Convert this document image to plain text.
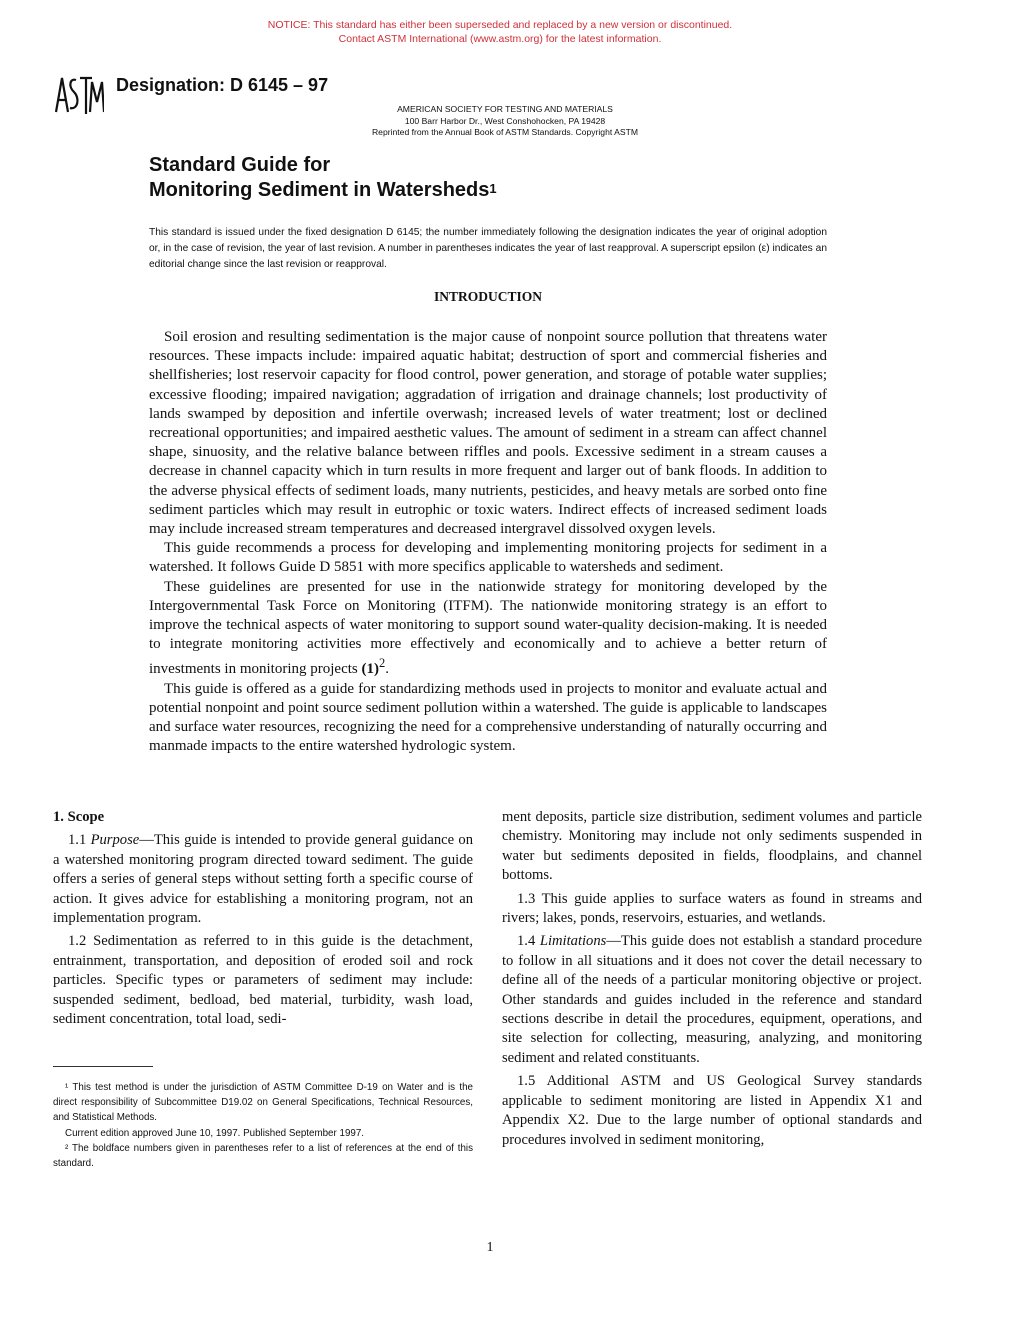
NOTICE: This standard has either been superseded and replaced by a new version or discontinued.
Contact ASTM International (www.astm.org) for the latest information.
Designation: D 6145 – 97
AMERICAN SOCIETY FOR TESTING AND MATERIALS
100 Barr Harbor Dr., West Conshohocken, PA 19428
Reprinted from the Annual Book of ASTM Standards. Copyright ASTM
Standard Guide for
Monitoring Sediment in Watersheds$^1$
This standard is issued under the fixed designation D 6145; the number immediately following the designation indicates the year of original adoption or, in the case of revision, the year of last revision. A number in parentheses indicates the year of last reapproval. A superscript epsilon (ε) indicates an editorial change since the last revision or reapproval.
INTRODUCTION

Soil erosion and resulting sedimentation is the major cause of nonpoint source pollution that threatens water resources. These impacts include: impaired aquatic habitat; destruction of sport and commercial fisheries and shellfisheries; lost reservoir capacity for flood control, power generation, and storage of potable water supplies; excessive flooding; impaired navigation; aggradation of irrigation and drainage channels; lost productivity of lands swamped by deposition and infertile overwash; increased levels of water treatment; lost or declined recreational opportunities; and impaired aesthetic values. The amount of sediment in a stream can affect channel shape, sinuosity, and the relative balance between riffles and pools. Excessive sediment in a stream causes a decrease in channel capacity which in turn results in more frequent and larger out of bank floods. In addition to the adverse physical effects of sediment loads, many nutrients, pesticides, and heavy metals are sorbed onto fine sediment particles which may result in eutrophic or toxic waters. Indirect effects of increased sediment loads may include increased stream temperatures and decreased intergravel dissolved oxygen levels.

This guide recommends a process for developing and implementing monitoring projects for sediment in a watershed. It follows Guide D 5851 with more specifics applicable to watersheds and sediment.

These guidelines are presented for use in the nationwide strategy for monitoring developed by the Intergovernmental Task Force on Monitoring (ITFM). The nationwide monitoring strategy is an effort to improve the technical aspects of water monitoring to support sound water-quality decision-making. It is needed to integrate monitoring activities more effectively and economically and to achieve a better return of investments in monitoring projects $(1)^2$.

This guide is offered as a guide for standardizing methods used in projects to monitor and evaluate actual and potential nonpoint and point source sediment pollution within a watershed. The guide is applicable to landscapes and surface water resources, recognizing the need for a comprehensive understanding of naturally occurring and manmade impacts to the entire watershed hydrologic system.

1. Scope

1.1 Purpose—This guide is intended to provide general guidance on a watershed monitoring program directed toward sediment. The guide offers a series of general steps without setting forth a specific course of action. It gives advice for establishing a monitoring program, not an implementation program.

1.2 Sedimentation as referred to in this guide is the detachment, entrainment, transportation, and deposition of eroded soil and rock particles. Specific types or parameters of sediment may include: suspended sediment, bedload, bed material, turbidity, wash load, sediment concentration, total load, sedi-

¹ This test method is under the jurisdiction of ASTM Committee D-19 on Water and is the direct responsibility of Subcommittee D19.02 on General Specifications, Technical Resources, and Statistical Methods.

Current edition approved June 10, 1997. Published September 1997.

² The boldface numbers given in parentheses refer to a list of references at the end of this standard.

ment deposits, particle size distribution, sediment volumes and particle chemistry. Monitoring may include not only sediments suspended in water but sediments deposited in fields, floodplains, and channel bottoms.

1.3 This guide applies to surface waters as found in streams and rivers; lakes, ponds, reservoirs, estuaries, and wetlands.

1.4 Limitations—This guide does not establish a standard procedure to follow in all situations and it does not cover the detail necessary to define all of the needs of a particular monitoring objective or project. Other standards and guides included in the reference and standard sections describe in detail the procedures, equipment, operations, and site selection for collecting, measuring, analyzing, and monitoring sediment and related constituants.

1.5 Additional ASTM and US Geological Survey standards applicable to sediment monitoring are listed in Appendix X1 and Appendix X2. Due to the large number of optional standards and procedures involved in sediment monitoring,

1
